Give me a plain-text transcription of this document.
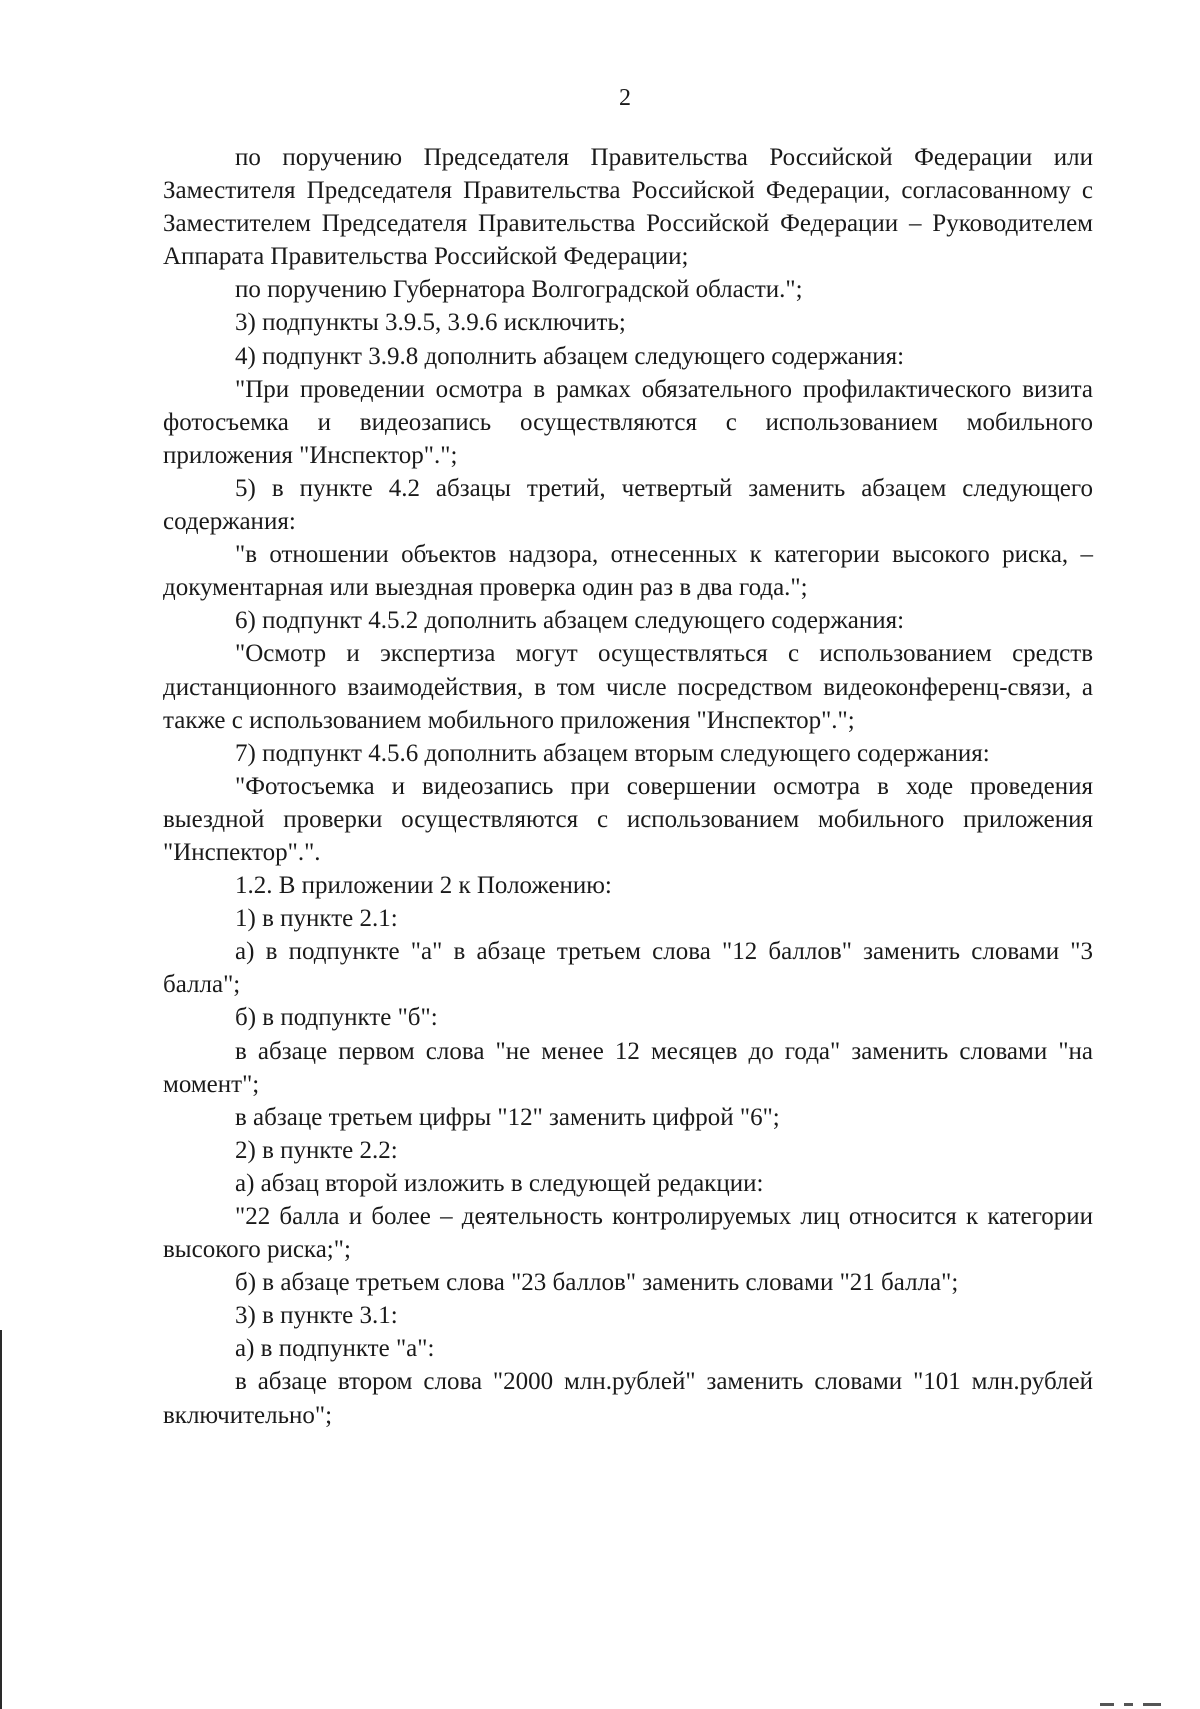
2

по поручению Председателя Правительства Российской Федерации или Заместителя Председателя Правительства Российской Федерации, согласованному с Заместителем Председателя Правительства Российской Федерации – Руководителем Аппарата Правительства Российской Федерации;

по поручению Губернатора Волгоградской области.";

3) подпункты 3.9.5, 3.9.6 исключить;

4) подпункт 3.9.8 дополнить абзацем следующего содержания:

"При проведении осмотра в рамках обязательного профилактического визита фотосъемка и видеозапись осуществляются с использованием мобильного приложения "Инспектор".";

5) в пункте 4.2 абзацы третий, четвертый заменить абзацем следующего содержания:

"в отношении объектов надзора, отнесенных к категории высокого риска, – документарная или выездная проверка один раз в два года.";

6) подпункт 4.5.2 дополнить абзацем следующего содержания:

"Осмотр и экспертиза могут осуществляться с использованием средств дистанционного взаимодействия, в том числе посредством видеоконференц-связи, а также с использованием мобильного приложения "Инспектор".";

7) подпункт 4.5.6 дополнить абзацем вторым следующего содержания:

"Фотосъемка и видеозапись при совершении осмотра в ходе проведения выездной проверки осуществляются с использованием мобильного приложения "Инспектор".".

1.2. В приложении 2 к Положению:

1) в пункте 2.1:

а) в подпункте "а" в абзаце третьем слова "12 баллов" заменить словами "3 балла";

б) в подпункте "б":

в абзаце первом слова "не менее 12 месяцев до года" заменить словами "на момент";

в абзаце третьем цифры "12" заменить цифрой "6";

2) в пункте 2.2:

а) абзац второй изложить в следующей редакции:

"22 балла и более – деятельность контролируемых лиц относится к категории высокого риска;";

б) в абзаце третьем слова "23 баллов" заменить словами "21 балла";

3) в пункте 3.1:

а) в подпункте "а":

в абзаце втором слова "2000 млн.рублей" заменить словами "101 млн.рублей включительно";
